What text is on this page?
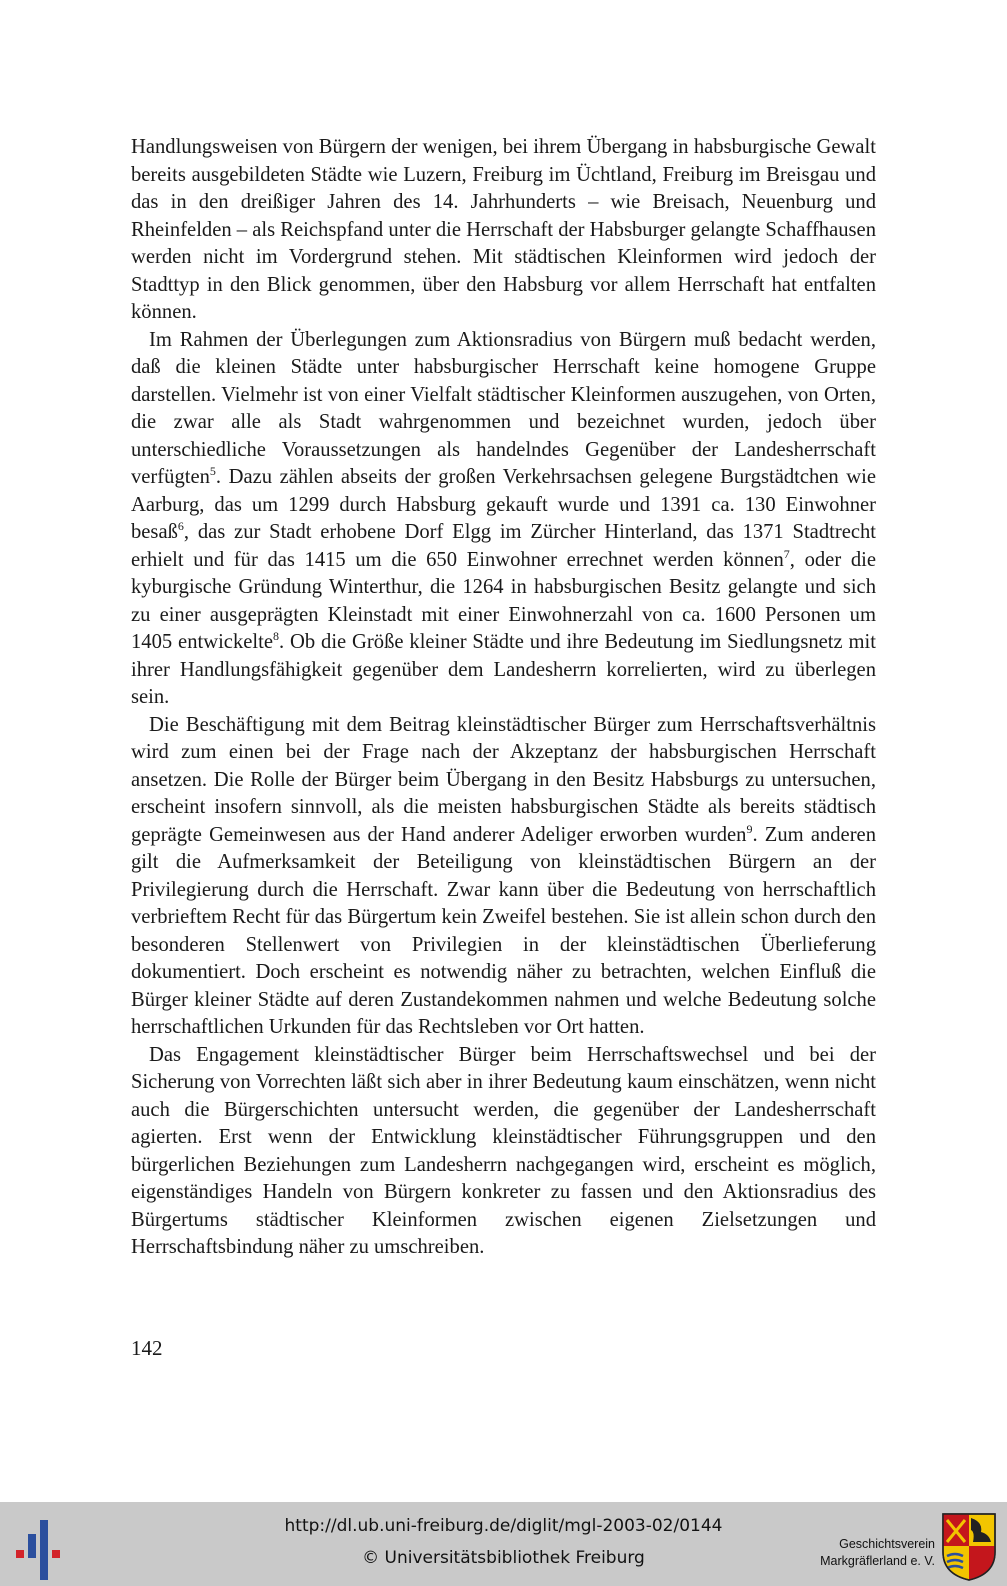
Handlungsweisen von Bürgern der wenigen, bei ihrem Übergang in habsburgische Gewalt bereits ausgebildeten Städte wie Luzern, Freiburg im Üchtland, Freiburg im Breisgau und das in den dreißiger Jahren des 14. Jahrhunderts – wie Breisach, Neuenburg und Rheinfelden – als Reichspfand unter die Herrschaft der Habsburger gelangte Schaffhausen werden nicht im Vordergrund stehen. Mit städtischen Kleinformen wird jedoch der Stadttyp in den Blick genommen, über den Habsburg vor allem Herrschaft hat entfalten können.

Im Rahmen der Überlegungen zum Aktionsradius von Bürgern muß bedacht werden, daß die kleinen Städte unter habsburgischer Herrschaft keine homogene Gruppe darstellen. Vielmehr ist von einer Vielfalt städtischer Kleinformen auszugehen, von Orten, die zwar alle als Stadt wahrgenommen und bezeichnet wurden, jedoch über unterschiedliche Voraussetzungen als handelndes Gegenüber der Landesherrschaft verfügten$^5$. Dazu zählen abseits der großen Verkehrsachsen gelegene Burgstädtchen wie Aarburg, das um 1299 durch Habsburg gekauft wurde und 1391 ca. 130 Einwohner besaß$^6$, das zur Stadt erhobene Dorf Elgg im Zürcher Hinterland, das 1371 Stadtrecht erhielt und für das 1415 um die 650 Einwohner errechnet werden können$^7$, oder die kyburgische Gründung Winterthur, die 1264 in habsburgischen Besitz gelangte und sich zu einer ausgeprägten Kleinstadt mit einer Einwohnerzahl von ca. 1600 Personen um 1405 entwickelte$^8$. Ob die Größe kleiner Städte und ihre Bedeutung im Siedlungsnetz mit ihrer Handlungsfähigkeit gegenüber dem Landesherrn korrelierten, wird zu überlegen sein.

Die Beschäftigung mit dem Beitrag kleinstädtischer Bürger zum Herrschaftsverhältnis wird zum einen bei der Frage nach der Akzeptanz der habsburgischen Herrschaft ansetzen. Die Rolle der Bürger beim Übergang in den Besitz Habsburgs zu untersuchen, erscheint insofern sinnvoll, als die meisten habsburgischen Städte als bereits städtisch geprägte Gemeinwesen aus der Hand anderer Adeliger erworben wurden$^9$. Zum anderen gilt die Aufmerksamkeit der Beteiligung von kleinstädtischen Bürgern an der Privilegierung durch die Herrschaft. Zwar kann über die Bedeutung von herrschaftlich verbrieftem Recht für das Bürgertum kein Zweifel bestehen. Sie ist allein schon durch den besonderen Stellenwert von Privilegien in der kleinstädtischen Überlieferung dokumentiert. Doch erscheint es notwendig näher zu betrachten, welchen Einfluß die Bürger kleiner Städte auf deren Zustandekommen nahmen und welche Bedeutung solche herrschaftlichen Urkunden für das Rechtsleben vor Ort hatten.

Das Engagement kleinstädtischer Bürger beim Herrschaftswechsel und bei der Sicherung von Vorrechten läßt sich aber in ihrer Bedeutung kaum einschätzen, wenn nicht auch die Bürgerschichten untersucht werden, die gegenüber der Landesherrschaft agierten. Erst wenn der Entwicklung kleinstädtischer Führungsgruppen und den bürgerlichen Beziehungen zum Landesherrn nachgegangen wird, erscheint es möglich, eigenständiges Handeln von Bürgern konkreter zu fassen und den Aktionsradius des Bürgertums städtischer Kleinformen zwischen eigenen Zielsetzungen und Herrschaftsbindung näher zu umschreiben.

142
http://dl.ub.uni-freiburg.de/diglit/mgl-2003-02/0144
© Universitätsbibliothek Freiburg
Geschichtsverein
Markgräflerland e. V.
